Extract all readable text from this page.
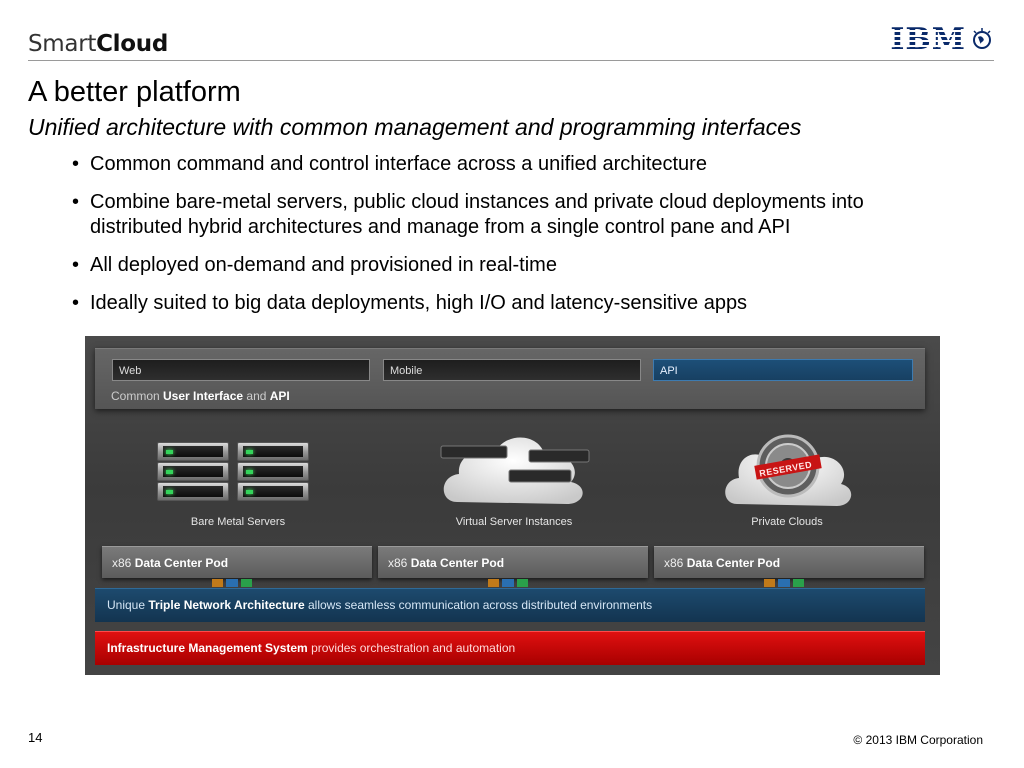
SmartCloud	IBM
A better platform
Unified architecture with common management and programming interfaces
• Common command and control interface across a unified architecture
• Combine bare-metal servers, public cloud instances and private cloud deployments into distributed hybrid architectures and manage from a single control pane and API
• All deployed on-demand and provisioned in real-time
• Ideally suited to big data deployments, high I/O and latency-sensitive apps
Web	Mobile	API
Common User Interface and API
Bare Metal Servers	Virtual Server Instances
RESERVED
Private Clouds
x86 Data Center Pod	x86 Data Center Pod	x86 Data Center Pod
Unique Triple Network Architecture allows seamless communication across distributed environments
Infrastructure Management System provides orchestration and automation
14	© 2013 IBM Corporation
